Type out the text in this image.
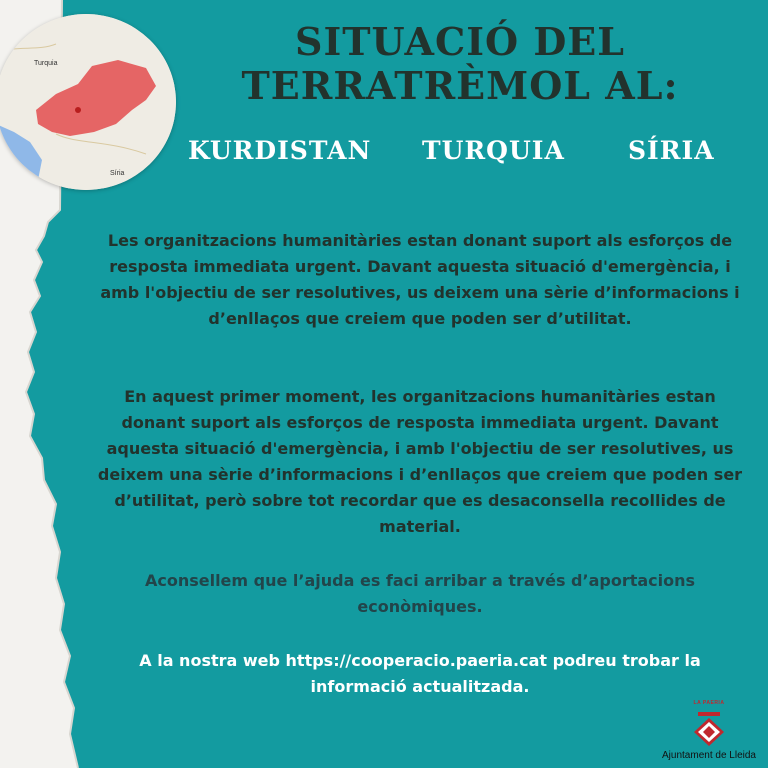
Turquia
Síria
SITUACIÓ DEL
TERRATRÈMOL AL:
KURDISTAN TURQUIA	SÍRIA

Les organitzacions humanitàries estan donant suport als esforços de resposta immediata urgent. Davant aquesta situació d'emergència, i amb l'objectiu de ser resolutives, us deixem una sèrie d’informacions i d’enllaços que creiem que poden ser d’utilitat.

En aquest primer moment, les organitzacions humanitàries estan donant suport als esforços de resposta immediata urgent. Davant aquesta situació d'emergència, i amb l'objectiu de ser resolutives, us deixem una sèrie d’informacions i d’enllaços que creiem que poden ser d’utilitat, però sobre tot recordar que es desaconsella recollides de material.

Aconsellem que l’ajuda es faci arribar a través d’aportacions econòmiques.

A la nostra web https://cooperacio.paeria.cat podreu trobar la informació actualitzada.

LA PAERIA
Ajuntament de Lleida
